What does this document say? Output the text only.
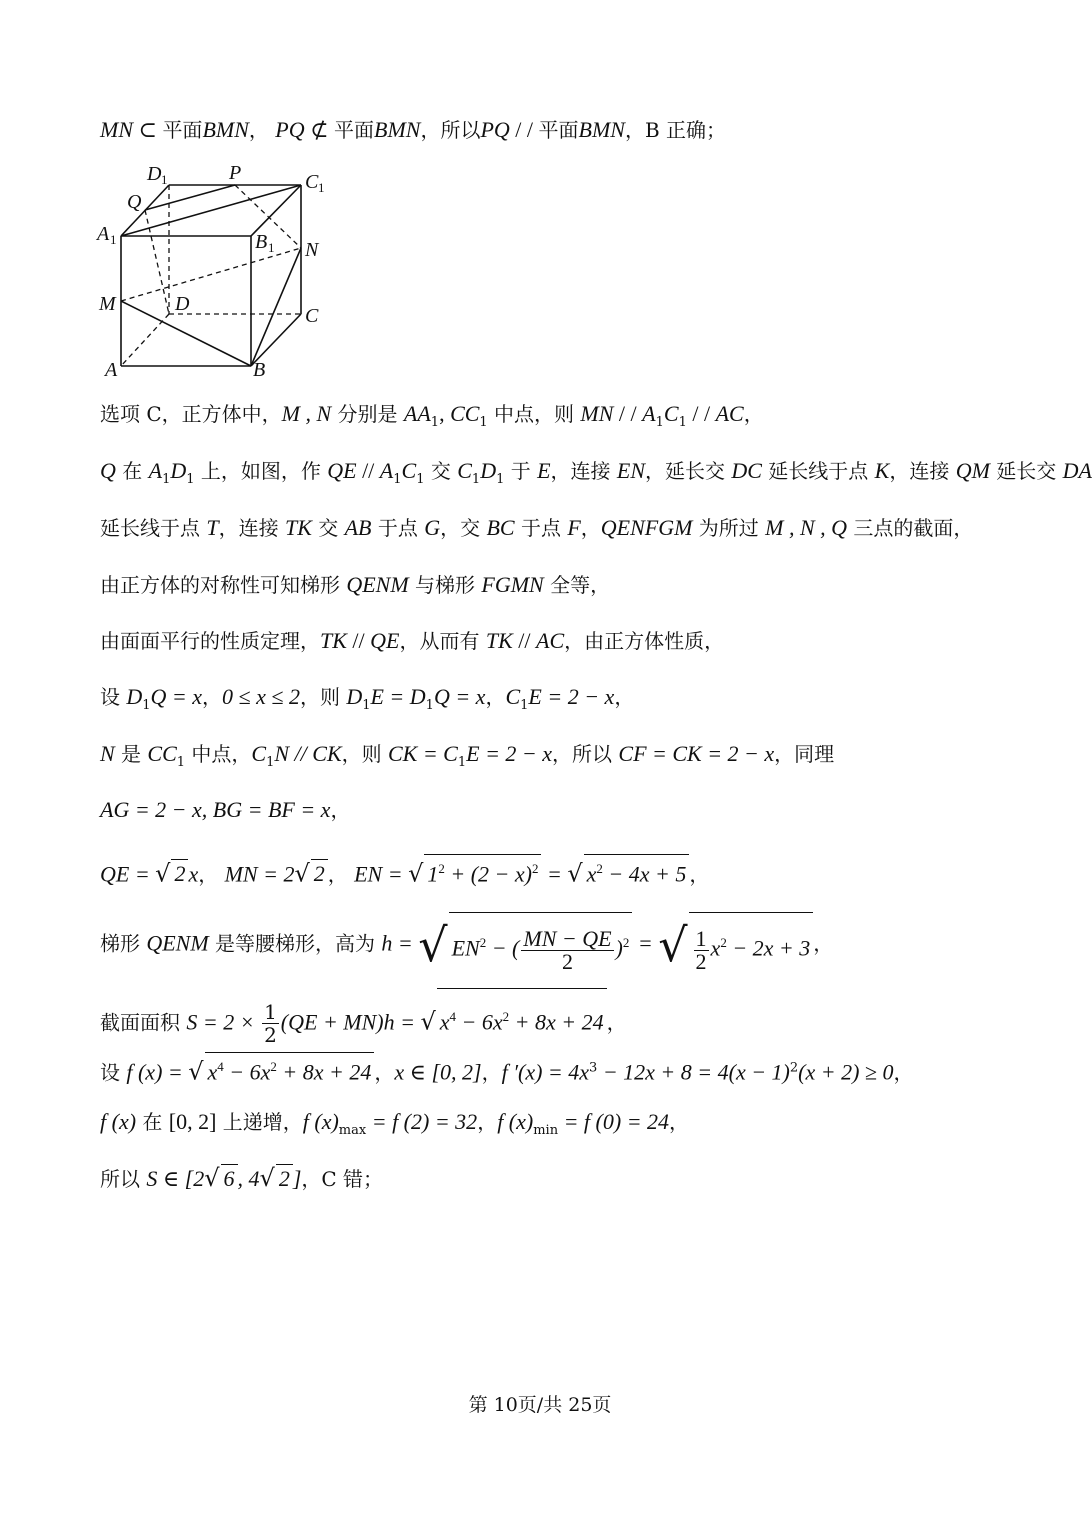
MN ⊂ 平面BMN， PQ ⊄ 平面BMN，所以PQ / / 平面BMN，B 正确；
D 1	P	C 1
Q
A 1	B 1 N
M	D
C
A	B
选项 C，正方体中，M , N 分别是 $AA_1$, $CC_1$ 中点，则 MN / / $A_1C_1$ / / AC，
Q 在 $A_1D_1$ 上，如图，作 QE // $A_1C_1$ 交 $C_1D_1$ 于 E，连接 EN，延长交 DC 延长线于点 K，连接 QM 延长交 DA
延长线于点 T，连接 TK 交 AB 于点 G，交 BC 于点 F，QENFGM 为所过 M , N , Q 三点的截面，
由正方体的对称性可知梯形 QENM 与梯形 FGMN 全等，
由面面平行的性质定理，TK // QE，从而有 TK // AC，由正方体性质，
设 $D_1Q = x$，0 ≤ x ≤ 2，则 $D_1E = D_1Q = x$，$C_1E = 2 - x$，
N 是 $CC_1$ 中点，$C_1N$ // CK，则 CK = $C_1E = 2 - x$，所以 CF = CK = 2 − x，同理
AG = 2 − x, BG = BF = x，
QE = √ 2 x， MN = 2√ 2 ， EN = √ $1^2 + (2 - x)^2$ = √ $x^2 - 4x + 5$ ，
梯形 QENM 是等腰梯形，高为 h = √ $EN^2$ − ( $\frac{MN - QE}{2} )^2$ = √ $\frac{1}{2} x^2 - 2x + 3$ ，
截面面积 $S = 2 \times \frac{1}{2} (QE + MN)h$ = √ $x^4 - 6x^2 + 8x + 24$ ，
设 f (x) = √ $x^4 - 6x^2 + 8x + 24$ ，x ∈ [0, 2]，f $'(x) = 4x^3 - 12x + 8 = 4(x - 1)^2(x + 2) \ge 0$，
f (x) 在 [0, 2] 上递增，f $(x)_{max} = f$ (2) = 32，f $(x)_{min} = f$ (0) = 24，
所以 S ∈ [2√ 6 , 4√ 2 ]，C 错；
第 10页/共 25页
